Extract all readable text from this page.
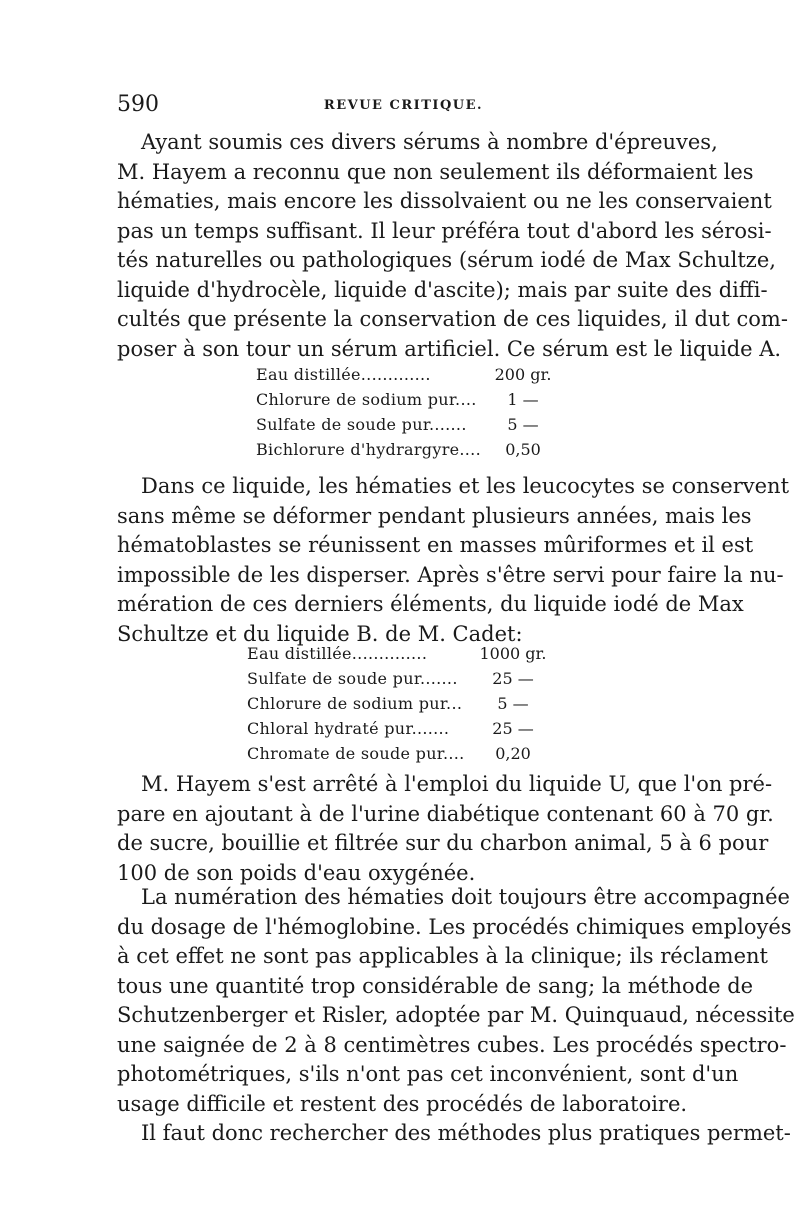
590	REVUE CRITIQUE.
Ayant soumis ces divers sérums à nombre d'épreuves,
M. Hayem a reconnu que non seulement ils déformaient les
hématies, mais encore les dissolvaient ou ne les conservaient
pas un temps suffisant. Il leur préféra tout d'abord les sérosi-
tés naturelles ou pathologiques (sérum iodé de Max Schultze,
liquide d'hydrocèle, liquide d'ascite); mais par suite des diffi-
cultés que présente la conservation de ces liquides, il dut com-
poser à son tour un sérum artificiel. Ce sérum est le liquide A.
Eau distillée.............	200 gr.
Chlorure de sodium pur....	1 —
Sulfate de soude pur.......	5 —
Bichlorure d'hydrargyre....	0,50
Dans ce liquide, les hématies et les leucocytes se conservent
sans même se déformer pendant plusieurs années, mais les
hématoblastes se réunissent en masses mûriformes et il est
impossible de les disperser. Après s'être servi pour faire la nu-
mération de ces derniers éléments, du liquide iodé de Max
Schultze et du liquide B. de M. Cadet:
Eau distillée..............	1000 gr.
Sulfate de soude pur.......	25 —
Chlorure de sodium pur...	5 —
Chloral hydraté pur.......	25 —
Chromate de soude pur....	0,20
M. Hayem s'est arrêté à l'emploi du liquide U, que l'on pré-
pare en ajoutant à de l'urine diabétique contenant 60 à 70 gr.
de sucre, bouillie et filtrée sur du charbon animal, 5 à 6 pour
100 de son poids d'eau oxygénée.
La numération des hématies doit toujours être accompagnée
du dosage de l'hémoglobine. Les procédés chimiques employés
à cet effet ne sont pas applicables à la clinique; ils réclament
tous une quantité trop considérable de sang; la méthode de
Schutzenberger et Risler, adoptée par M. Quinquaud, nécessite
une saignée de 2 à 8 centimètres cubes. Les procédés spectro-
photométriques, s'ils n'ont pas cet inconvénient, sont d'un
usage difficile et restent des procédés de laboratoire.
Il faut donc rechercher des méthodes plus pratiques permet-
